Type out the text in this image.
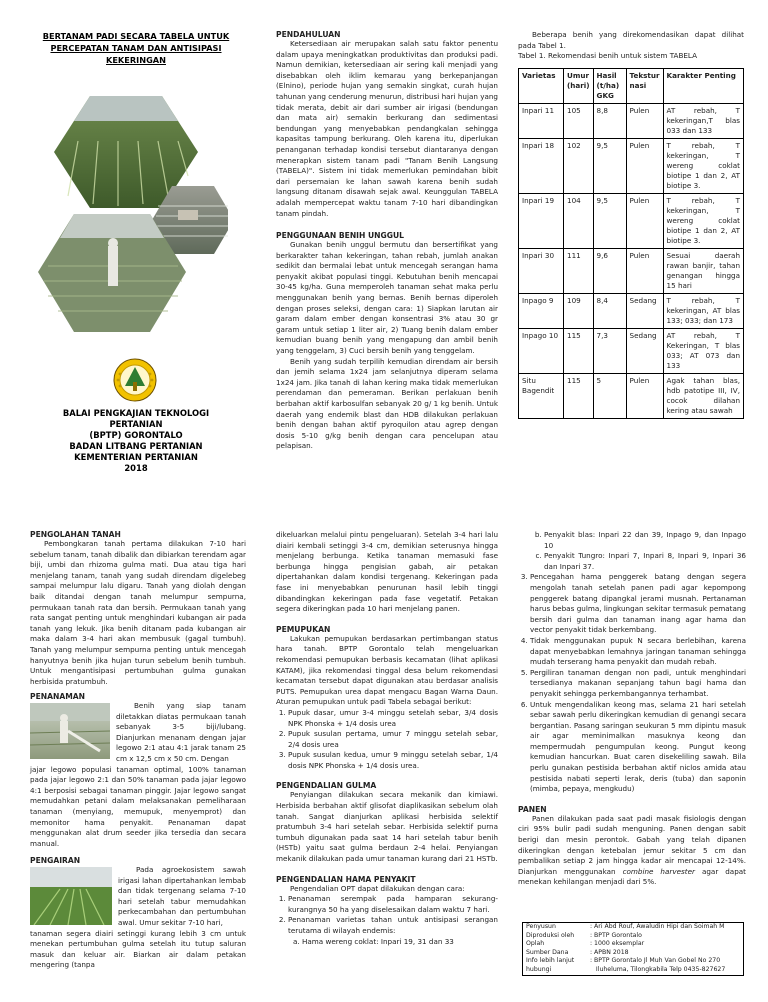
BERTANAM PADI SECARA TABELA UNTUK
PERCEPATAN TANAM DAN ANTISIPASI
KEKERINGAN
BALAI PENGKAJIAN TEKNOLOGI PERTANIAN
(BPTP) GORONTALO
BADAN LITBANG PERTANIAN
KEMENTERIAN PERTANIAN
2018
PENDAHULUAN

Ketersediaan air merupakan salah satu faktor penentu dalam upaya meningkatkan produktivitas dan produksi padi. Namun demikian, ketersediaan air sering kali menjadi yang disebabkan oleh iklim kemarau yang berkepanjangan (Elnino), periode hujan yang semakin singkat, curah hujan tahunan yang cenderung menurun, distribusi hari hujan yang tidak merata, debit air dari sumber air irigasi (bendungan dan mata air) semakin berkurang dan sedimentasi bendungan yang menyebabkan pendangkalan sehingga kapasitas tampung berkurang. Oleh karena itu, diperlukan penanganan terhadap kondisi tersebut diantaranya dengan menerapkan sistem tanam padi "Tanam Benih Langsung (TABELA)". Sistem ini tidak memerlukan pemindahan bibit dari persemaian ke lahan sawah karena benih sudah langsung ditanam disawah sejak awal. Keunggulan TABELA adalah mempercepat waktu tanam 7-10 hari dibandingkan tanam pindah.

PENGGUNAAN BENIH UNGGUL

Gunakan benih unggul bermutu dan bersertifikat yang berkarakter tahan kekeringan, tahan rebah, jumlah anakan sedikit dan bermalai lebat untuk mencegah serangan hama penyakit akibat populasi tinggi. Kebutuhan benih mencapai 30-45 kg/ha. Guna memperoleh tanaman sehat maka perlu menggunakan benih yang bernas. Benih bernas diperoleh dengan proses seleksi, dengan cara: 1) Siapkan larutan air garam dalam ember dengan konsentrasi 3% atau 30 gr garam untuk setiap 1 liter air, 2) Tuang benih dalam ember kemudian buang benih yang mengapung dan ambil benih yang tenggelam, 3) Cuci bersih benih yang tenggelam.

Benih yang sudah terpilih kemudian direndam air bersih dan jemih selama 1x24 jam selanjutnya diperam selama 1x24 jam. Jika tanah di lahan kering maka tidak memerlukan perendaman dan pemeraman. Berikan perlakuan benih berbahan aktif karbosulfan sebanyak 20 g/ 1 kg benih. Untuk daerah yang endemik blast dan HDB dilakukan perlakuan benih dengan bahan aktif pyroquilon atau agrep dengan dosis 5-10 g/kg benih dengan cara pencelupan atau pelapisan.

Beberapa benih yang direkomendasikan dapat dilihat pada Tabel 1.

Tabel 1. Rekomendasi benih untuk sistem TABELA

Varietas	Umur (hari)	Hasil (t/ha) GKG	Tekstur nasi	Karakter Penting
Inpari 11	105	8,8	Pulen	AT rebah, T kekeringan,T blas 033 dan 133
Inpari 18	102	9,5	Pulen	T rebah, T kekeringan, T wereng coklat biotipe 1 dan 2, AT biotipe 3.
Inpari 19	104	9,5	Pulen	T rebah, T kekeringan, T wereng coklat biotipe 1 dan 2, AT biotipe 3.
Inpari 30	111	9,6	Pulen	Sesuai daerah rawan banjir, tahan genangan hingga 15 hari
Inpago 9	109	8,4	Sedang	T rebah, T kekeringan, AT blas 133; 033; dan 173
Inpago 10	115	7,3	Sedang	AT rebah, T Kekeringan, T blas 033; AT 073 dan 133
Situ Bagendit	115	5	Pulen	Agak tahan blas, hdb patotipe III, IV, cocok dilahan kering atau sawah
PENGOLAHAN TANAH

Pembongkaran tanah pertama dilakukan 7-10 hari sebelum tanam, tanah dibalik dan dibiarkan terendam agar biji, umbi dan rhizoma gulma mati. Dua atau tiga hari menjelang tanam, tanah yang sudah direndam digelebeg sampai melumpur lalu digaru. Tanah yang diolah dengan baik ditandai dengan tanah melumpur sempurna, permukaan tanah rata dan bersih. Permukaan tanah yang rata sangat penting untuk menghindari kubangan air pada tanah yang lekuk. Jika benih ditanam pada kubangan air maka dalam 3-4 hari akan membusuk (gagal tumbuh). Tanah yang melumpur sempurna penting untuk mencegah hanyutnya benih jika hujan turun sebelum benih tumbuh. Untuk mengantisipasi pertumbuhan gulma gunakan herbisida pratumbuh.

PENANAMAN

Benih yang siap tanam diletakkan diatas permukaan tanah sebanyak 3-5 biji/lubang. Dianjurkan menanam dengan jajar legowo 2:1 atau 4:1 jarak tanam 25 cm x 12,5 cm x 50 cm. Dengan

jajar legowo populasi tanaman optimal, 100% tanaman pada jajar legowo 2:1 dan 50% tanaman pada jajar legowo 4:1 berposisi sebagai tanaman pinggir. Jajar legowo sangat memudahkan petani dalam melaksanakan pemeliharaan tanaman (menyiang, memupuk, menyemprot) dan memonitor hama penyakit. Penanaman dapat menggunakan alat drum seeder jika tersedia dan secara manual.

PENGAIRAN

Pada agroekosistem sawah irigasi lahan dipertahankan lembab dan tidak tergenang selama 7-10 hari setelah tabur memudahkan perkecambahan dan pertumbuhan awal. Umur sekitar 7-10 hari,

tanaman segera diairi setinggi kurang lebih 3 cm untuk menekan pertumbuhan gulma setelah itu tutup saluran masuk dan keluar air. Biarkan air dalam petakan mengering (tanpa

dikeluarkan melalui pintu pengeluaran). Setelah 3-4 hari lalu diairi kembali setinggi 3-4 cm, demikian seterusnya hingga menjelang berbunga. Ketika tanaman memasuki fase berbunga hingga pengisian gabah, air petakan dipertahankan dalam kondisi tergenang. Kekeringan pada fase ini menyebabkan penurunan hasil lebih tinggi dibandingkan kekeringan pada fase vegetatif. Petakan segera dikeringkan pada 10 hari menjelang panen.

PEMUPUKAN

Lakukan pemupukan berdasarkan pertimbangan status hara tanah. BPTP Gorontalo telah mengeluarkan rekomendasi pemupukan berbasis kecamatan (lihat aplikasi KATAM), jika rekomendasi tinggal desa belum rekomendasi kecamatan tersebut dapat digunakan atau berdasar analisis PUTS. Pemupukan urea dapat mengacu Bagan Warna Daun. Aturan pemupukan untuk padi Tabela sebagai berikut:

1. Pupuk dasar, umur 3-4 minggu setelah sebar, 3/4 dosis NPK Phonska + 1/4 dosis urea
2. Pupuk susulan pertama, umur 7 minggu setelah sebar, 2/4 dosis urea
3. Pupuk susulan kedua, umur 9 minggu setelah sebar, 1/4 dosis NPK Phonska + 1/4 dosis urea.
PENGENDALIAN GULMA

Penyiangan dilakukan secara mekanik dan kimiawi. Herbisida berbahan aktif glisofat diaplikasikan sebelum olah tanah. Sangat dianjurkan aplikasi herbisida selektif pratumbuh 3-4 hari setelah sebar. Herbisida selektif purna tumbuh digunakan pada saat 14 hari setelah tabur benih (HSTb) yaitu saat gulma berdaun 2-4 helai. Penyiangan mekanik dilakukan pada umur tanaman kurang dari 21 HSTb.

PENGENDALIAN HAMA PENYAKIT

Pengendalian OPT dapat dilakukan dengan cara:

1. Penanaman serempak pada hamparan sekurang-kurangnya 50 ha yang diselesaikan dalam waktu 7 hari.
2. Penanaman varietas tahan untuk antisipasi serangan terutama di wilayah endemis:
a. Hama wereng coklat: Inpari 19, 31 dan 33
b. Penyakit blas: Inpari 22 dan 39, Inpago 9, dan Inpago 10
c. Penyakit Tungro: Inpari 7, Inpari 8, Inpari 9, Inpari 36 dan Inpari 37.
3. Pencegahan hama penggerek batang dengan segera mengolah tanah setelah panen padi agar kepompong penggerek batang dipangkal jerami musnah. Pertanaman harus bebas gulma, lingkungan sekitar termasuk pematang bersih dari gulma dan tanaman inang agar hama dan vector penyakit tidak berkembang.
4. Tidak menggunakan pupuk N secara berlebihan, karena dapat menyebabkan lemahnya jaringan tanaman sehingga mudah terserang hama penyakit dan mudah rebah.
5. Pergiliran tanaman dengan non padi, untuk menghindari tersedianya makanan sepanjang tahun bagi hama dan penyakit sehingga perkembangannya terhambat.
6. Untuk mengendalikan keong mas, selama 21 hari setelah sebar sawah perlu dikeringkan kemudian di genangi secara bergantian. Pasang saringan seukuran 5 mm dipintu masuk air agar meminimalkan masuknya keong dan mempermudah pengumpulan keong. Pungut keong kemudian hancurkan. Buat caren disekeliling sawah. Bila perlu gunakan pestisida berbahan aktif niclos amida atau pestisida nabati seperti lerak, deris (tuba) dan saponin (mimba, pepaya, mengkudu)
PANEN

Panen dilakukan pada saat padi masak fisiologis dengan ciri 95% bulir padi sudah menguning. Panen dengan sabit berigi dan mesin perontok. Gabah yang telah dipanen dikeringkan dengan ketebalan jemur sekitar 5 cm dan pembalikan setiap 2 jam hingga kadar air mencapai 12-14%. Dianjurkan menggunakan combine harvester agar dapat menekan kehilangan menjadi dari 5%.

Penyusun	: Ari Abd Rouf, Awaludin Hipi dan Soimah M
Diproduksi oleh	: BPTP Gorontalo
Oplah	: 1000 eksemplar
Sumber Dana	: APBN 2018
Info lebih lanjut	: BPTP Gorontalo Jl Muh Van Gobel No 270
hubungi	Iluheluma, Tilongkabila Telp 0435-827627
